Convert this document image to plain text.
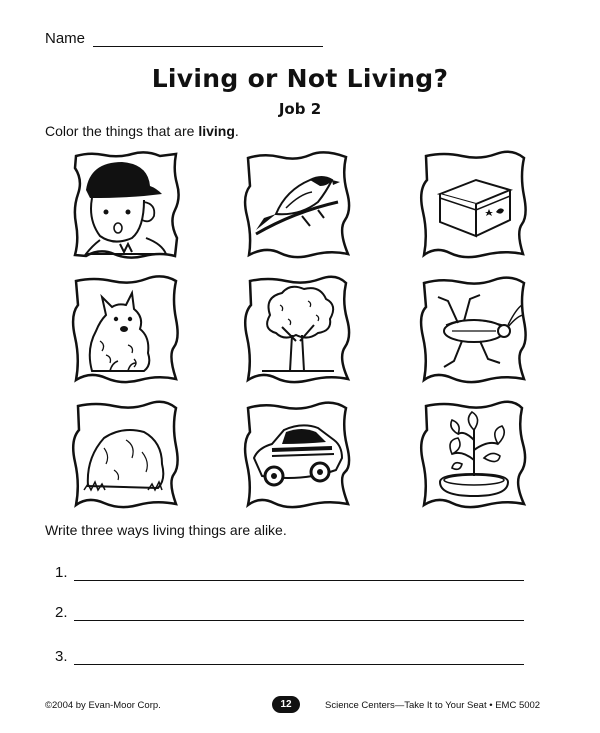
Name
Living or Not Living?
Job 2
Color the things that are living.
Write three ways living things are alike.
1.
2.
3.
©2004 by Evan-Moor Corp.	12	Science Centers—Take It to Your Seat • EMC 5002
